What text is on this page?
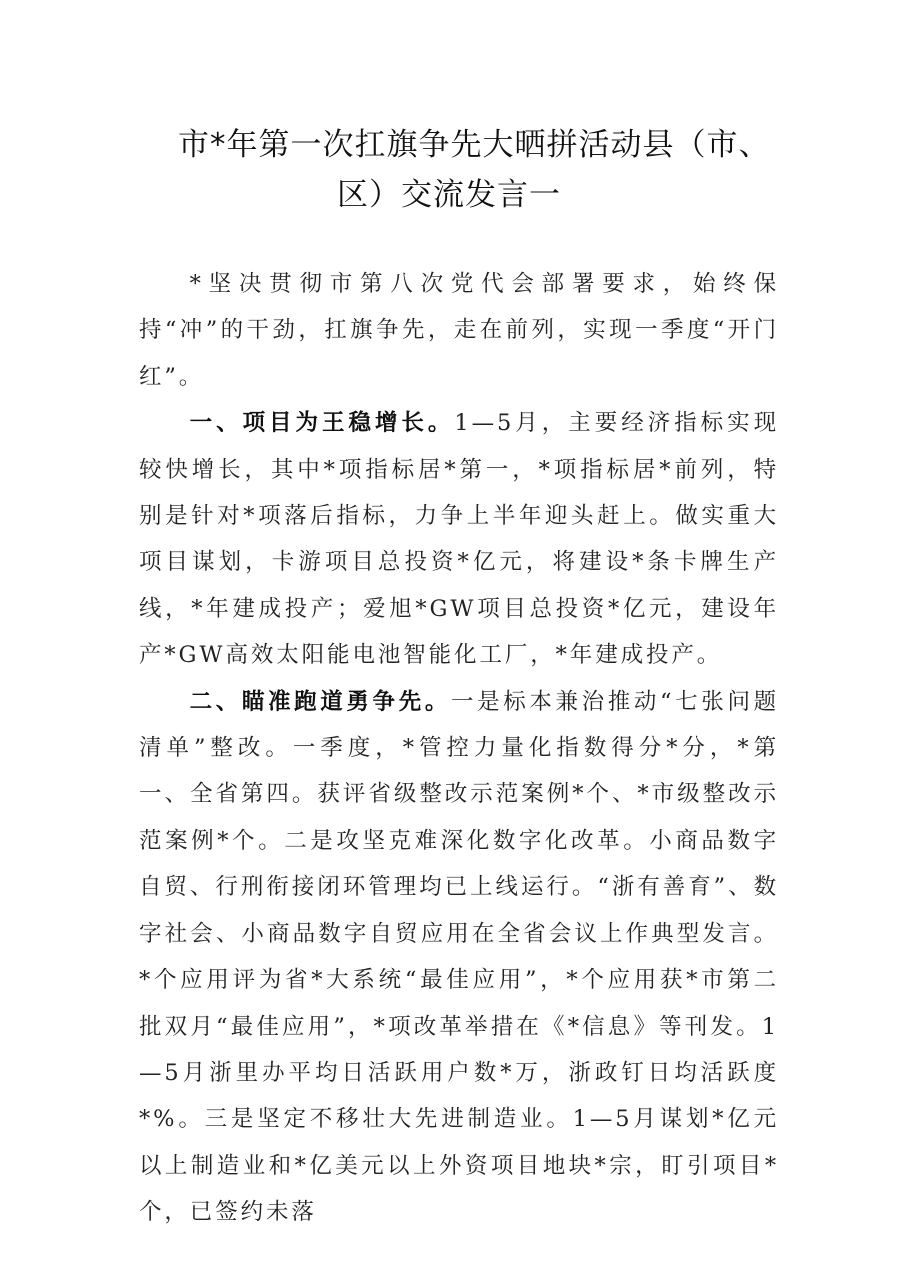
市*年第一次扛旗争先大晒拼活动县（市、
区）交流发言一

*坚决贯彻市第八次党代会部署要求，始终保持“冲”的干劲，扛旗争先，走在前列，实现一季度“开门红”。

一、项目为王稳增长。1—5月，主要经济指标实现较快增长，其中*项指标居*第一，*项指标居*前列，特别是针对*项落后指标，力争上半年迎头赶上。做实重大项目谋划，卡游项目总投资*亿元，将建设*条卡牌生产线，*年建成投产；爱旭*GW项目总投资*亿元，建设年产*GW高效太阳能电池智能化工厂，*年建成投产。

二、瞄准跑道勇争先。一是标本兼治推动“七张问题清单”整改。一季度，*管控力量化指数得分*分，*第一、全省第四。获评省级整改示范案例*个、*市级整改示范案例*个。二是攻坚克难深化数字化改革。小商品数字自贸、行刑衔接闭环管理均已上线运行。“浙有善育”、数字社会、小商品数字自贸应用在全省会议上作典型发言。*个应用评为省*大系统“最佳应用”，*个应用获*市第二批双月“最佳应用”，*项改革举措在《*信息》等刊发。1—5月浙里办平均日活跃用户数*万，浙政钉日均活跃度*%。三是坚定不移壮大先进制造业。1—5月谋划*亿元以上制造业和*亿美元以上外资项目地块*宗，盯引项目*个，已签约未落
